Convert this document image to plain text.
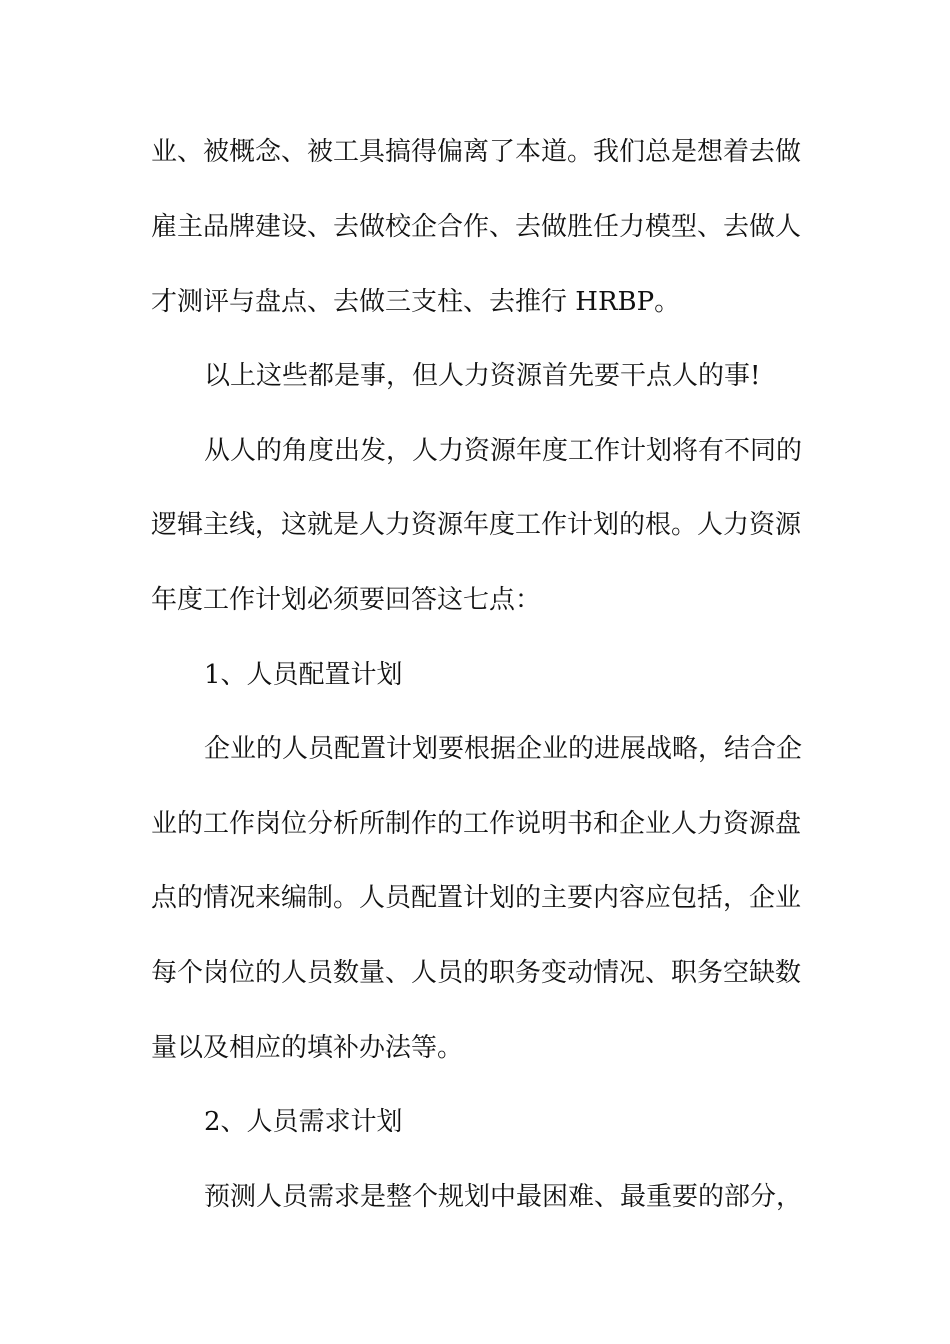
业、被概念、被工具搞得偏离了本道。我们总是想着去做
雇主品牌建设、去做校企合作、去做胜任力模型、去做人
才测评与盘点、去做三支柱、去推行 HRBP。
以上这些都是事，但人力资源首先要干点人的事!
从人的角度出发，人力资源年度工作计划将有不同的
逻辑主线，这就是人力资源年度工作计划的根。人力资源
年度工作计划必须要回答这七点：
1、人员配置计划
企业的人员配置计划要根据企业的进展战略，结合企
业的工作岗位分析所制作的工作说明书和企业人力资源盘
点的情况来编制。人员配置计划的主要内容应包括，企业
每个岗位的人员数量、人员的职务变动情况、职务空缺数
量以及相应的填补办法等。
2、人员需求计划
预测人员需求是整个规划中最困难、最重要的部分，
